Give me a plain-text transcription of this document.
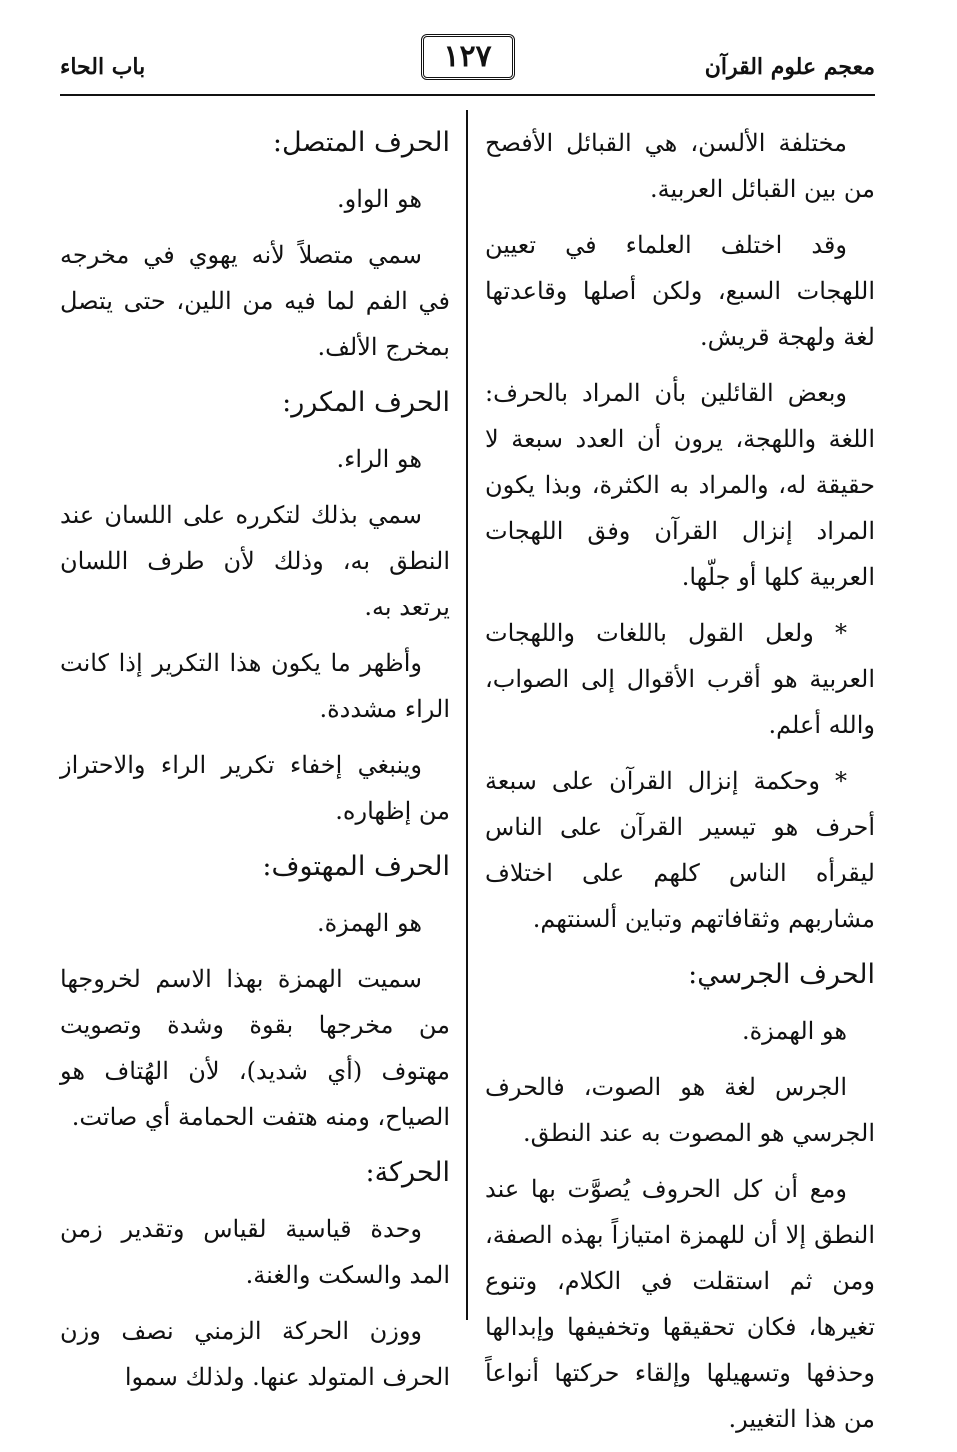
معجم علوم القرآن
١٢٧
باب الحاء

مختلفة الألسن، هي القبائل الأفصح من بين القبائل العربية.

وقد اختلف العلماء في تعيين اللهجات السبع، ولكن أصلها وقاعدتها لغة ولهجة قريش.

وبعض القائلين بأن المراد بالحرف: اللغة واللهجة، يرون أن العدد سبعة لا حقيقة له، والمراد به الكثرة، وبذا يكون المراد إنزال القرآن وفق اللهجات العربية كلها أو جلّها.

* ولعل القول باللغات واللهجات العربية هو أقرب الأقوال إلى الصواب، والله أعلم.

* وحكمة إنزال القرآن على سبعة أحرف هو تيسير القرآن على الناس ليقرأه الناس كلهم على اختلاف مشاربهم وثقافاتهم وتباين ألسنتهم.

الحرف الجرسي:

هو الهمزة.

الجرس لغة هو الصوت، فالحرف الجرسي هو المصوت به عند النطق.

ومع أن كل الحروف يُصوَّت بها عند النطق إلا أن للهمزة امتيازاً بهذه الصفة، ومن ثم استقلت في الكلام، وتنوع تغيرها، فكان تحقيقها وتخفيفها وإبدالها وحذفها وتسهيلها وإلقاء حركتها أنواعاً من هذا التغيير.

الحرف المتصل:

هو الواو.

سمي متصلاً لأنه يهوي في مخرجه في الفم لما فيه من اللين، حتى يتصل بمخرج الألف.

الحرف المكرر:

هو الراء.

سمي بذلك لتكرره على اللسان عند النطق به، وذلك لأن طرف اللسان يرتعد به.

وأظهر ما يكون هذا التكرير إذا كانت الراء مشددة.

وينبغي إخفاء تكرير الراء والاحتراز من إظهاره.

الحرف المهتوف:

هو الهمزة.

سميت الهمزة بهذا الاسم لخروجها من مخرجها بقوة وشدة وتصويت مهتوف (أي شديد)، لأن الهُتاف هو الصياح، ومنه هتفت الحمامة أي صاتت.

الحركة:

وحدة قياسية لقياس وتقدير زمن المد والسكت والغنة.

ووزن الحركة الزمني نصف وزن الحرف المتولد عنها. ولذلك سموا
